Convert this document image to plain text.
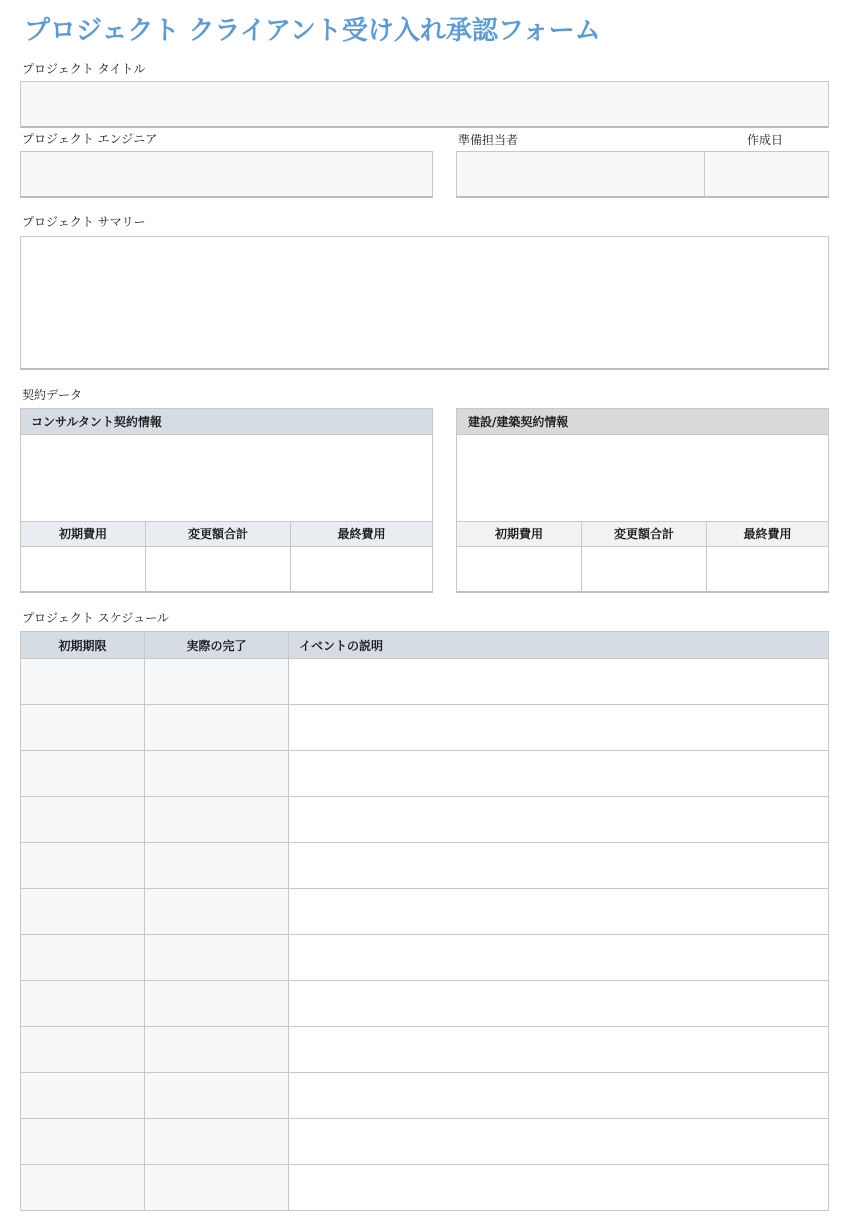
プロジェクト クライアント受け入れ承認フォーム
プロジェクト タイトル
プロジェクト エンジニア	準備担当者	作成日
プロジェクト サマリー
契約データ
コンサルタント契約情報
初期費用	変更額合計	最終費用
建設/建築契約情報
初期費用	変更額合計	最終費用
プロジェクト スケジュール
初期期限	実際の完了	イベントの説明
